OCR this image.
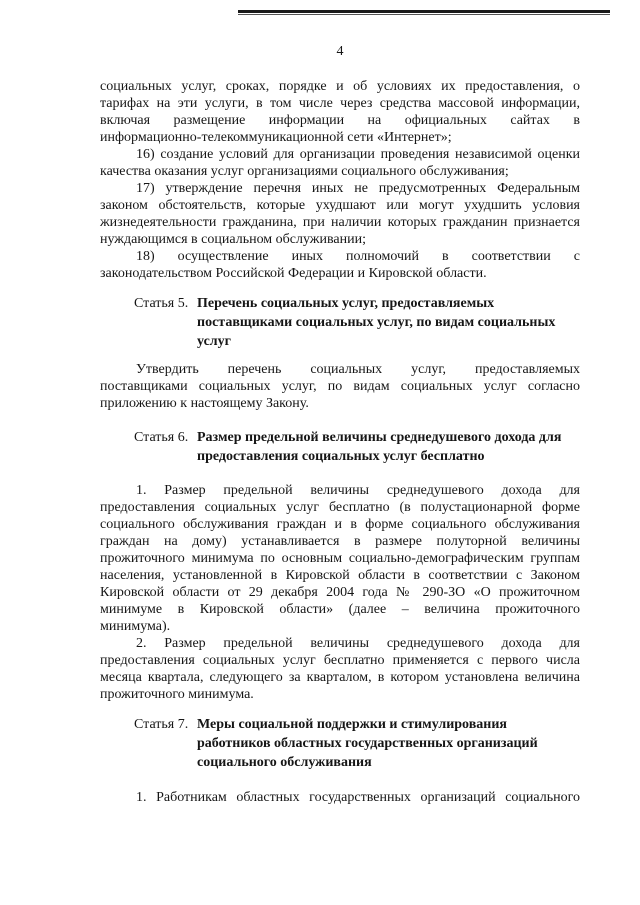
4
социальных услуг, сроках, порядке и об условиях их предоставления, о
тарифах на эти услуги, в том числе через средства массовой информации,
включая размещение информации на официальных сайтах в
информационно-телекоммуникационной сети «Интернет»;
16) создание условий для организации проведения независимой оценки
качества оказания услуг организациями социального обслуживания;
17) утверждение перечня иных не предусмотренных Федеральным
законом обстоятельств, которые ухудшают или могут ухудшить условия
жизнедеятельности гражданина, при наличии которых гражданин признается
нуждающимся в социальном обслуживании;
18) осуществление иных полномочий в соответствии с
законодательством Российской Федерации и Кировской области.
Статья 5. Перечень социальных услуг, предоставляемых
поставщиками социальных услуг, по видам социальных
услуг
Утвердить перечень социальных услуг, предоставляемых
поставщиками социальных услуг, по видам социальных услуг согласно
приложению к настоящему Закону.
Статья 6. Размер предельной величины среднедушевого дохода для
предоставления социальных услуг бесплатно
1. Размер предельной величины среднедушевого дохода для
предоставления социальных услуг бесплатно (в полустационарной форме
социального обслуживания граждан и в форме социального обслуживания
граждан на дому) устанавливается в размере полуторной величины
прожиточного минимума по основным социально-демографическим группам
населения, установленной в Кировской области в соответствии с Законом
Кировской области от 29 декабря 2004 года № 290-ЗО «О прожиточном
минимуме в Кировской области» (далее – величина прожиточного
минимума).
2. Размер предельной величины среднедушевого дохода для
предоставления социальных услуг бесплатно применяется с первого числа
месяца квартала, следующего за кварталом, в котором установлена величина
прожиточного минимума.
Статья 7. Меры социальной поддержки и стимулирования
работников областных государственных организаций
социального обслуживания
1. Работникам областных государственных организаций социального
